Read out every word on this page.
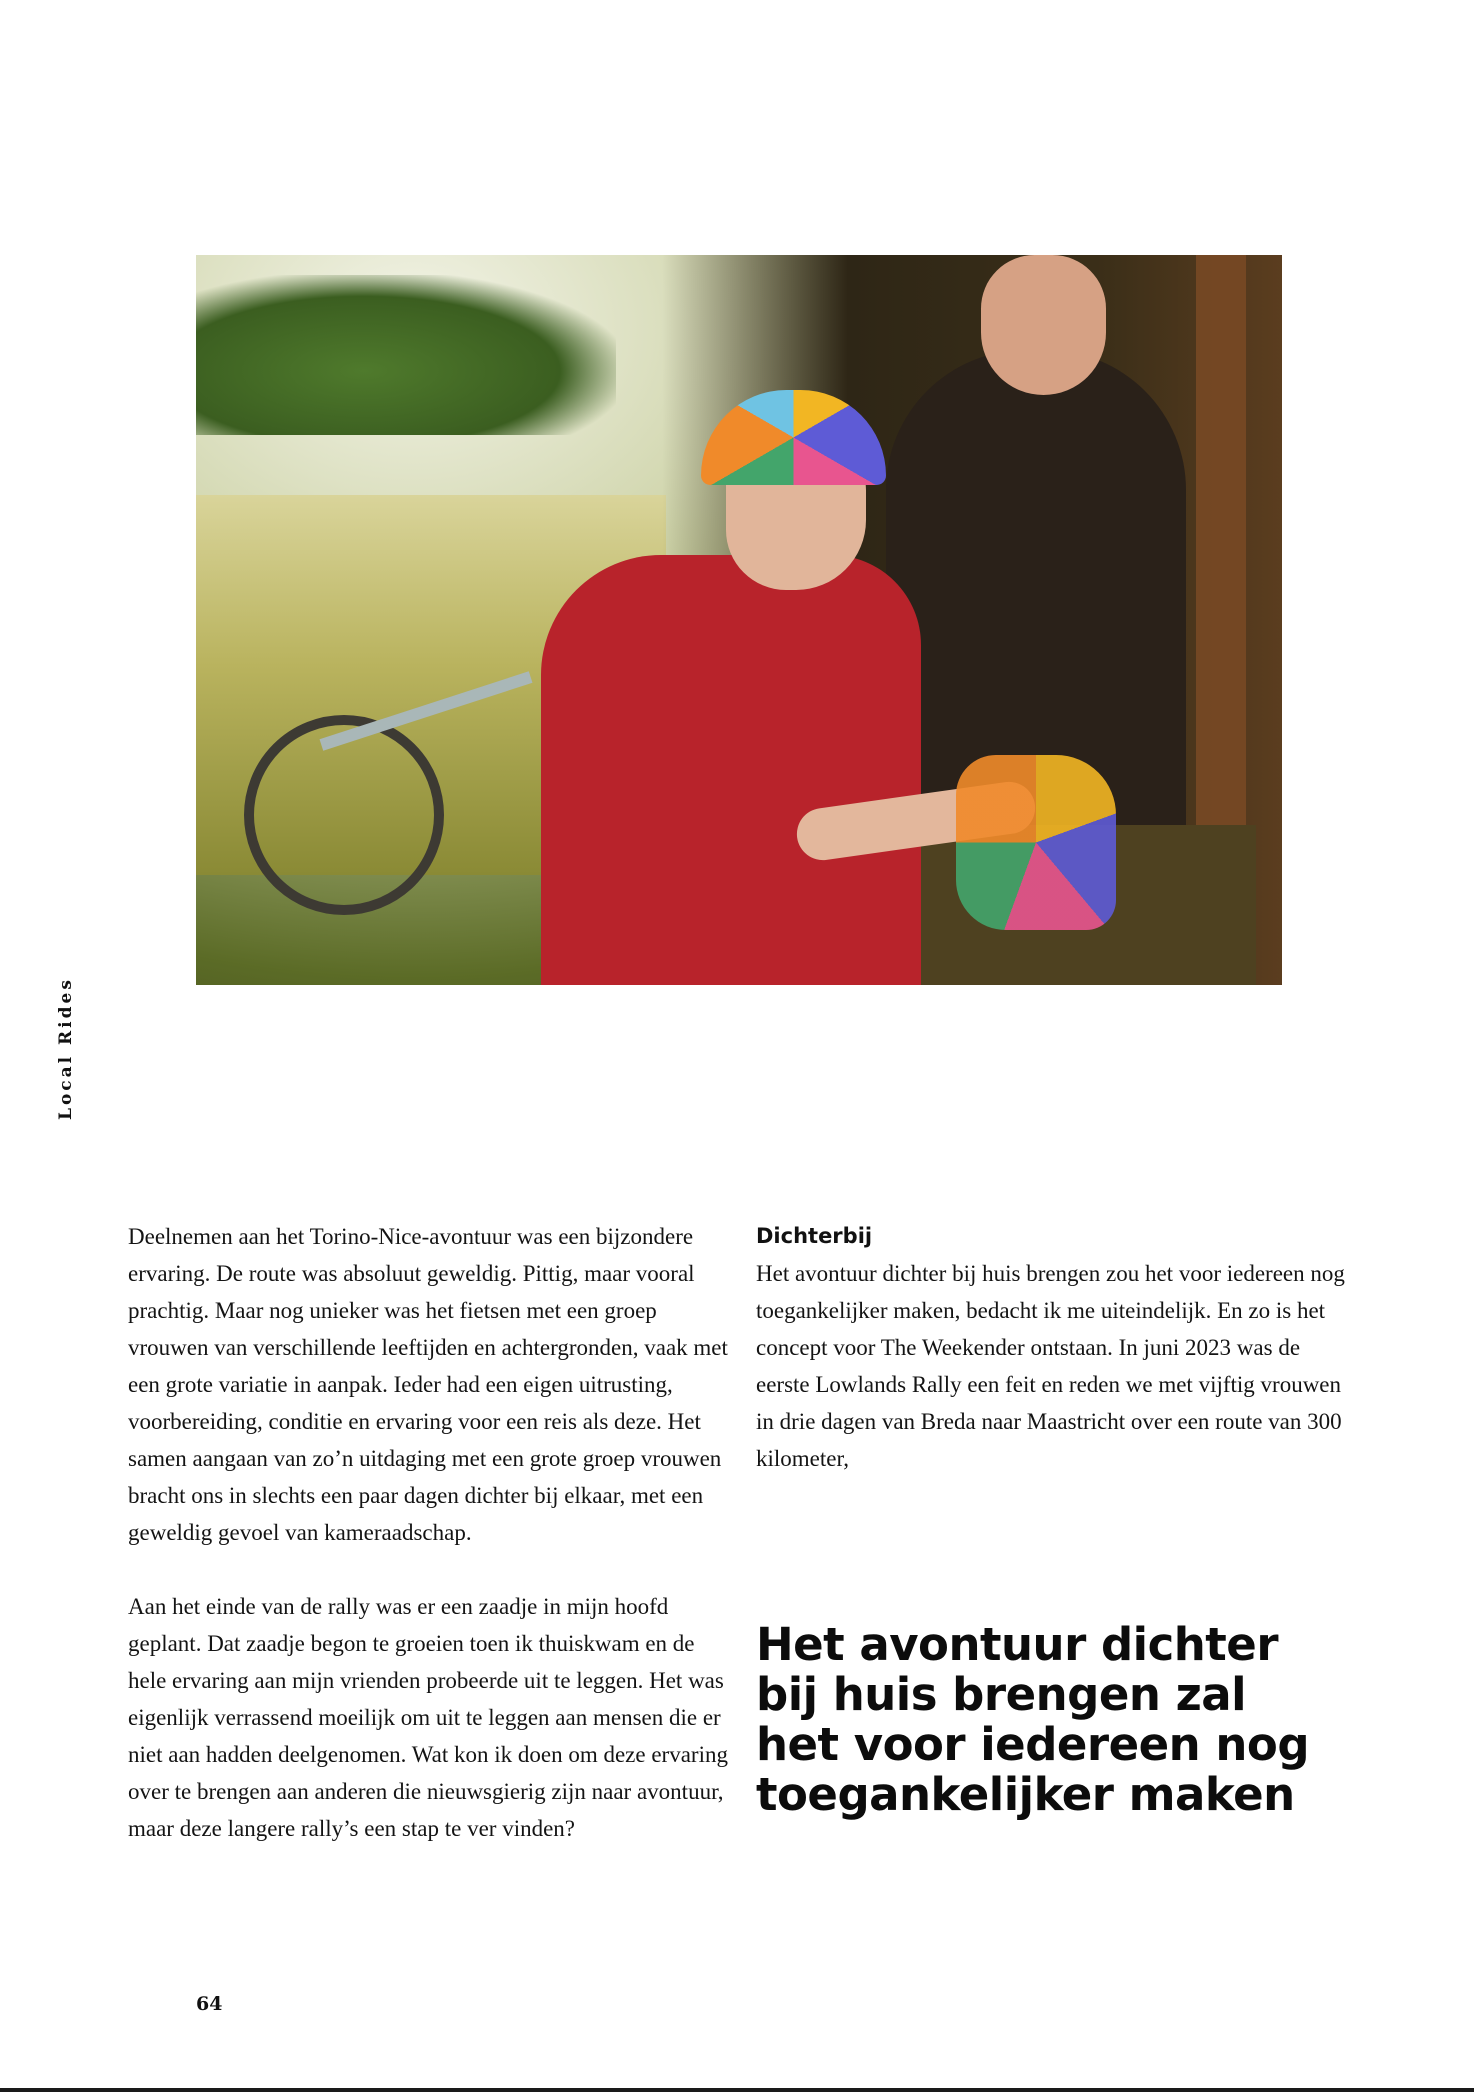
Local Rides

Deelnemen aan het Torino-Nice-avontuur was een bijzondere ervaring. De route was absoluut geweldig. Pittig, maar vooral prachtig. Maar nog unieker was het fietsen met een groep vrouwen van verschillende leeftijden en achtergronden, vaak met een grote variatie in aanpak. Ieder had een eigen uitrusting, voorbereiding, conditie en ervaring voor een reis als deze. Het samen aangaan van zo’n uitdaging met een grote groep vrouwen bracht ons in slechts een paar dagen dichter bij elkaar, met een geweldig gevoel van kameraadschap.

Aan het einde van de rally was er een zaadje in mijn hoofd geplant. Dat zaadje begon te groeien toen ik thuiskwam en de hele ervaring aan mijn vrienden probeerde uit te leggen. Het was eigenlijk verrassend moeilijk om uit te leggen aan mensen die er niet aan hadden deelgenomen. Wat kon ik doen om deze ervaring over te brengen aan anderen die nieuwsgierig zijn naar avontuur, maar deze langere rally’s een stap te ver vinden?

Dichterbij

Het avontuur dichter bij huis brengen zou het voor iedereen nog toegankelijker maken, bedacht ik me uiteindelijk. En zo is het concept voor The Weekender ontstaan. In juni 2023 was de eerste Lowlands Rally een feit en reden we met vijftig vrouwen in drie dagen van Breda naar Maastricht over een route van 300 kilometer,

Het avontuur dichter bij huis brengen zal het voor iedereen nog toegankelijker maken
64
